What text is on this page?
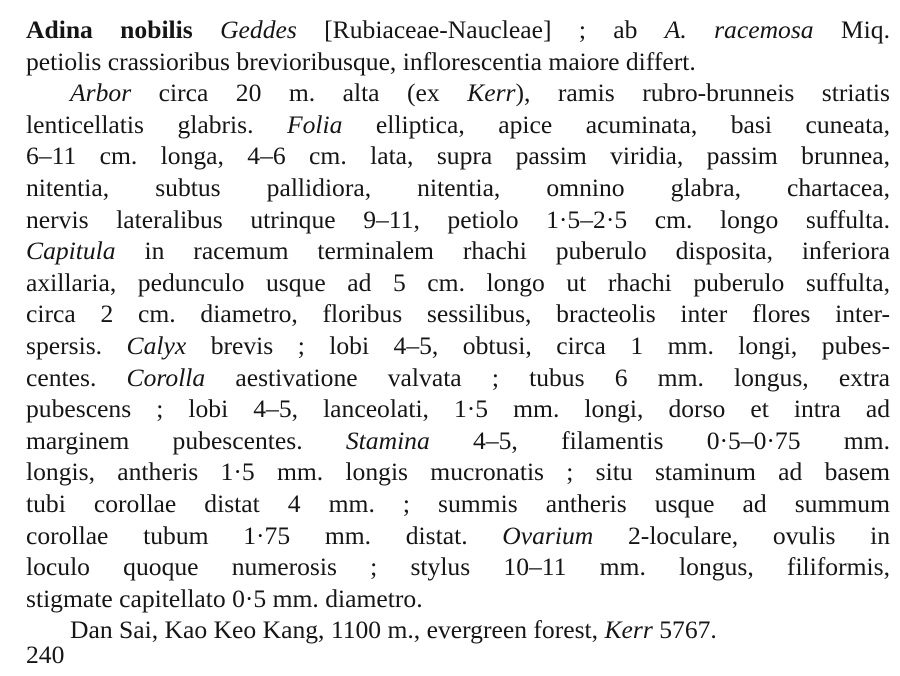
Adina nobilis Geddes [Rubiaceae-Naucleae] ; ab A. racemosa Miq.
petiolis crassioribus brevioribusque, inflorescentia maiore differt.
Arbor circa 20 m. alta (ex Kerr), ramis rubro-brunneis striatis
lenticellatis glabris. Folia elliptica, apice acuminata, basi cuneata,
6–11 cm. longa, 4–6 cm. lata, supra passim viridia, passim brunnea,
nitentia, subtus pallidiora, nitentia, omnino glabra, chartacea,
nervis lateralibus utrinque 9–11, petiolo 1·5–2·5 cm. longo suffulta.
Capitula in racemum terminalem rhachi puberulo disposita, inferiora
axillaria, pedunculo usque ad 5 cm. longo ut rhachi puberulo suffulta,
circa 2 cm. diametro, floribus sessilibus, bracteolis inter flores inter-
spersis. Calyx brevis ; lobi 4–5, obtusi, circa 1 mm. longi, pubes-
centes. Corolla aestivatione valvata ; tubus 6 mm. longus, extra
pubescens ; lobi 4–5, lanceolati, 1·5 mm. longi, dorso et intra ad
marginem pubescentes. Stamina 4–5, filamentis 0·5–0·75 mm.
longis, antheris 1·5 mm. longis mucronatis ; situ staminum ad basem
tubi corollae distat 4 mm. ; summis antheris usque ad summum
corollae tubum 1·75 mm. distat. Ovarium 2-loculare, ovulis in
loculo quoque numerosis ; stylus 10–11 mm. longus, filiformis,
stigmate capitellato 0·5 mm. diametro.
Dan Sai, Kao Keo Kang, 1100 m., evergreen forest, Kerr 5767.
240
